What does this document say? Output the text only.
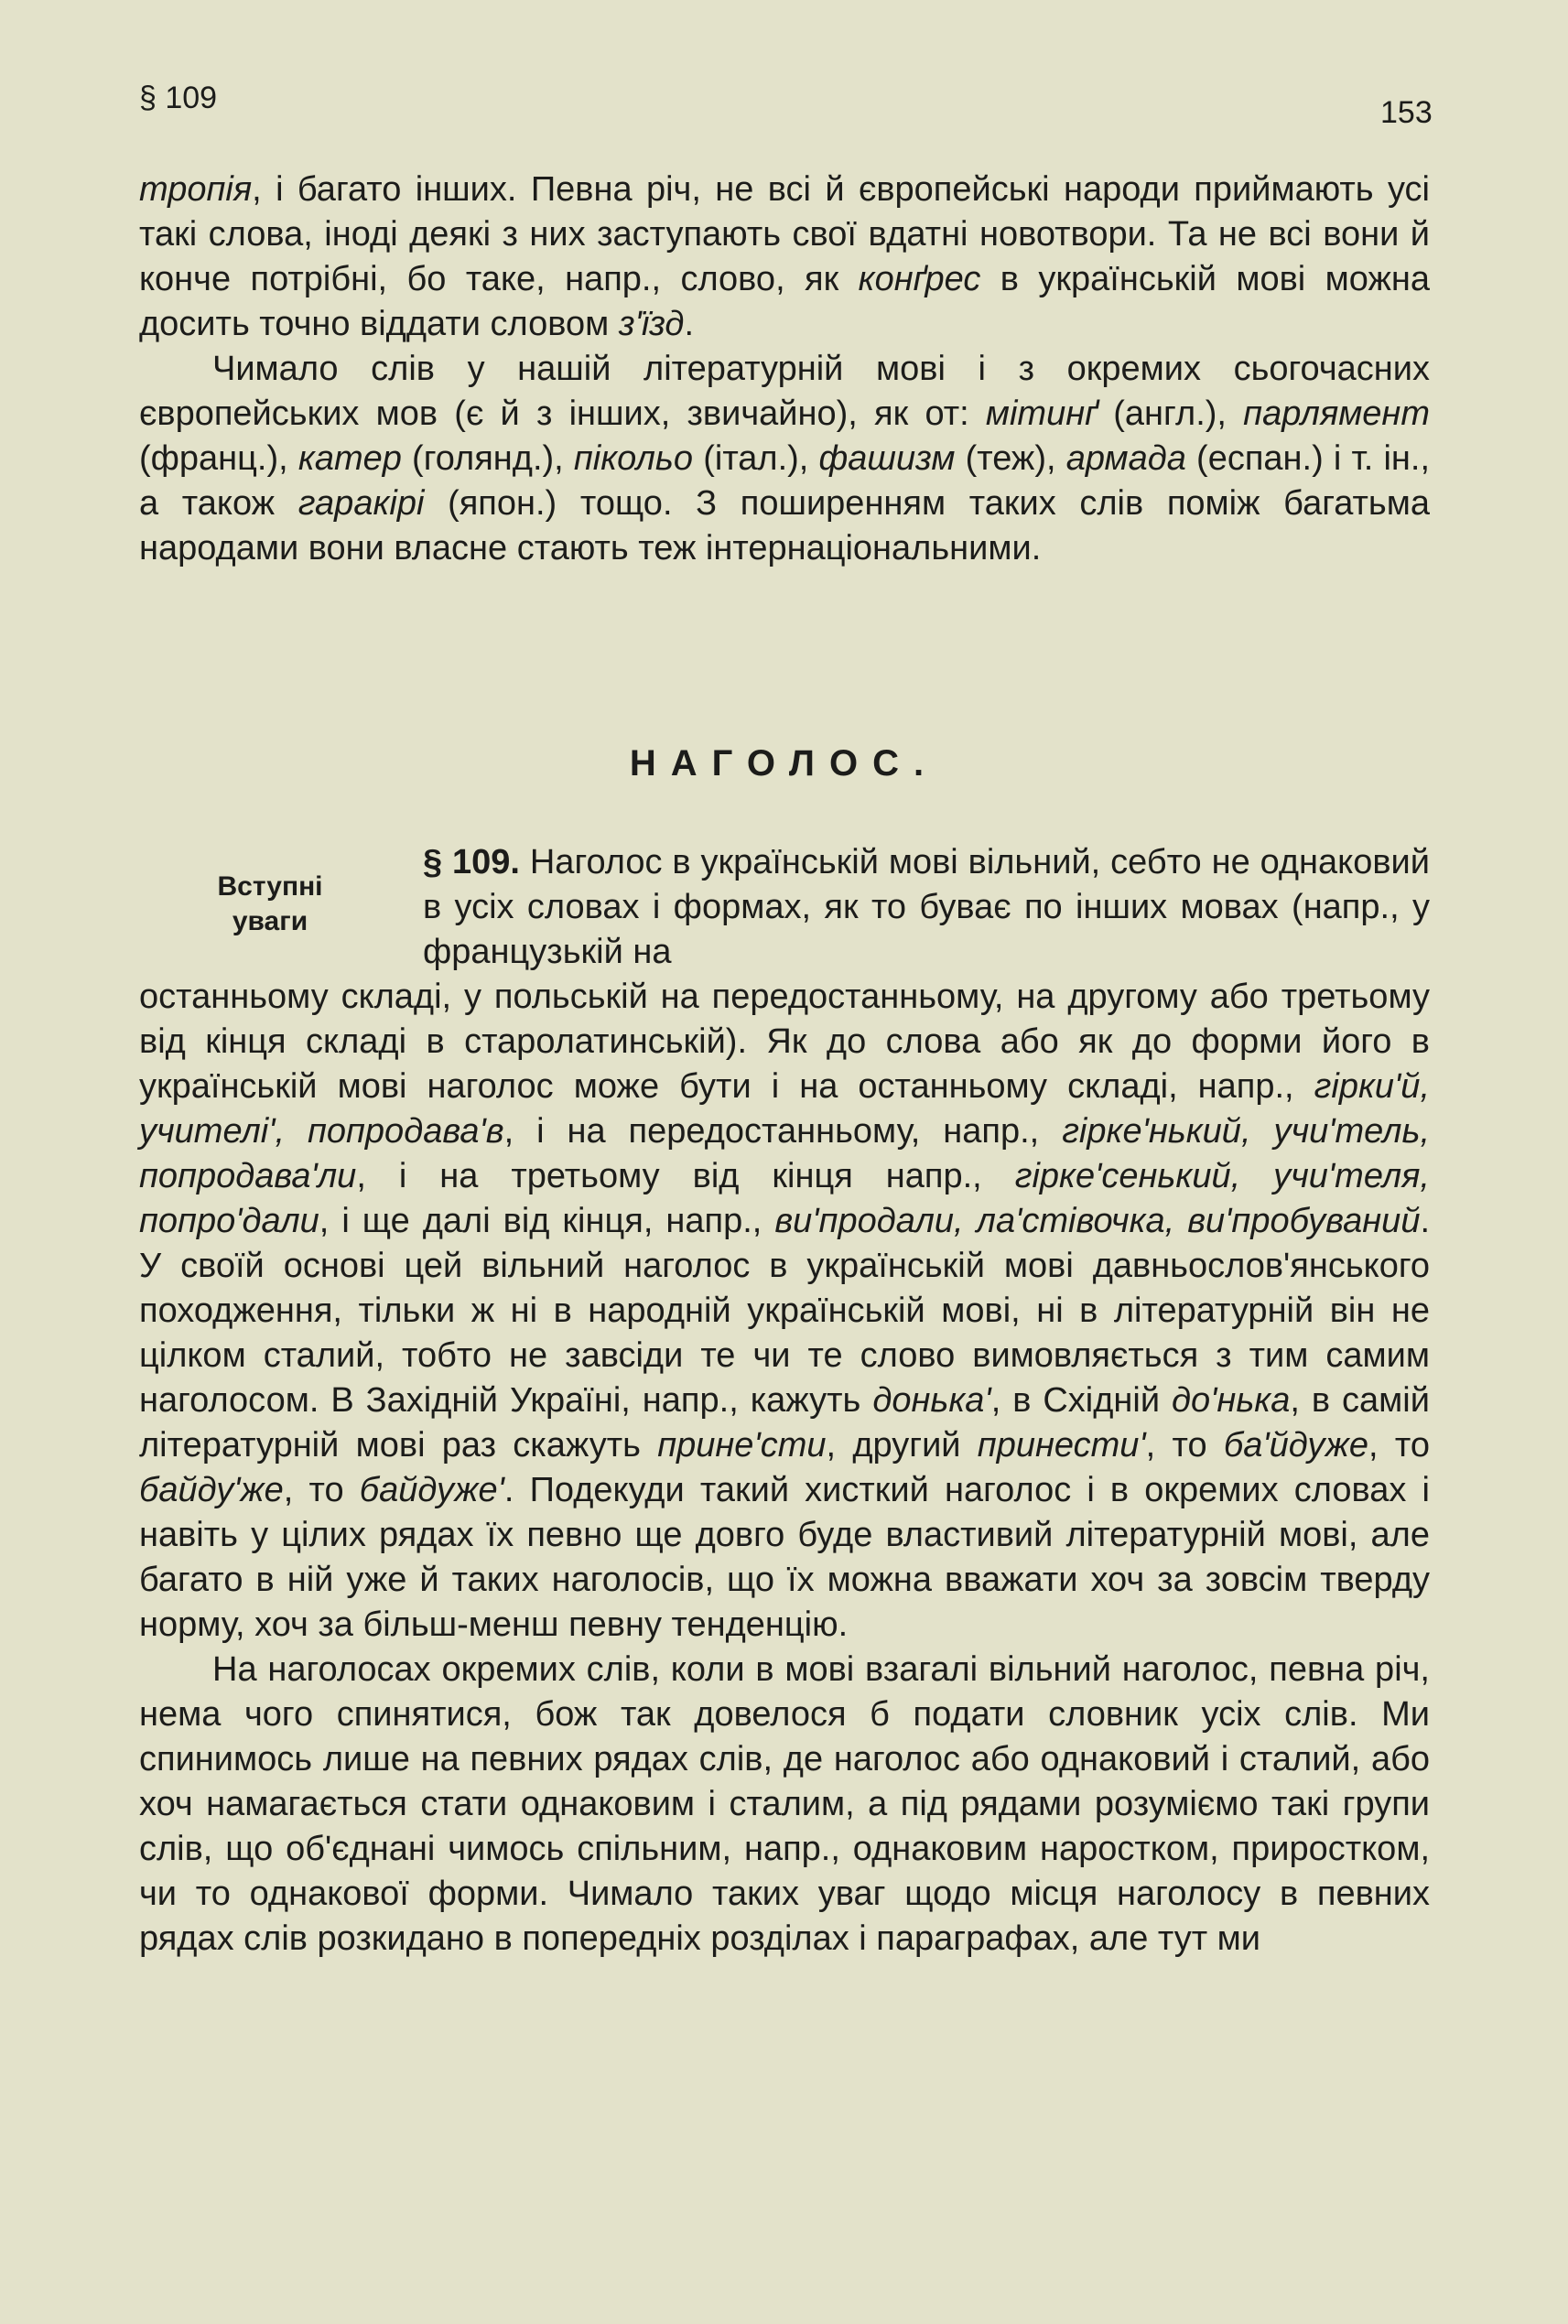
§ 109	153

тропія, і багато інших. Певна річ, не всі й європейські народи приймають усі такі слова, іноді деякі з них заступають свої вдатні новотвори. Та не всі вони й конче потрібні, бо таке, напр., слово, як конґрес в українській мові можна досить точно віддати словом з'їзд.

Чимало слів у нашій літературній мові і з окремих сьогочасних європейських мов (є й з інших, звичайно), як от: мітинґ (англ.), парлямент (франц.), катер (голянд.), пікольо (італ.), фашизм (теж), армада (еспан.) і т. ін., а також гаракірі (япон.) тощо. З поширенням таких слів поміж багатьма народами вони власне стають теж інтернаціональними.

НАГОЛОС.
Вступні
уваги

§ 109. Наголос в українській мові вільний, себто не однаковий в усіх словах і формах, як то буває по інших мовах (напр., у французькій на

останньому складі, у польській на передостанньому, на другому або третьому від кінця складі в старолатинській). Як до слова або як до форми його в українській мові наголос може бути і на останньому складі, напр., гірки'й, учителі', попродава'в, і на передостанньому, напр., гірке'нький, учи'тель, попродава'ли, і на третьому від кінця напр., гірке'сенький, учи'теля, попро'дали, і ще далі від кінця, напр., ви'продали, ла'стівочка, ви'пробуваний. У своїй основі цей вільний наголос в українській мові давньослов'янського походження, тільки ж ні в народній українській мові, ні в літературній він не цілком сталий, тобто не завсіди те чи те слово вимовляється з тим самим наголосом. В Західній Україні, напр., кажуть донька', в Східній до'нька, в самій літературній мові раз скажуть прине'сти, другий принести', то ба'йдуже, то байду'же, то байдуже'. Подекуди такий хисткий наголос і в окремих словах і навіть у цілих рядах їх певно ще довго буде властивий літературній мові, але багато в ній уже й таких наголосів, що їх можна вважати хоч за зовсім тверду норму, хоч за більш-менш певну тенденцію.

На наголосах окремих слів, коли в мові взагалі вільний наголос, певна річ, нема чого спинятися, бож так довелося б подати словник усіх слів. Ми спинимось лише на певних рядах слів, де наголос або однаковий і сталий, або хоч намагається стати однаковим і сталим, а під рядами розуміємо такі групи слів, що об'єднані чимось спільним, напр., однаковим наростком, приростком, чи то однакової форми. Чимало таких уваг щодо місця наголосу в певних рядах слів розкидано в попередніх розділах і параграфах, але тут ми
